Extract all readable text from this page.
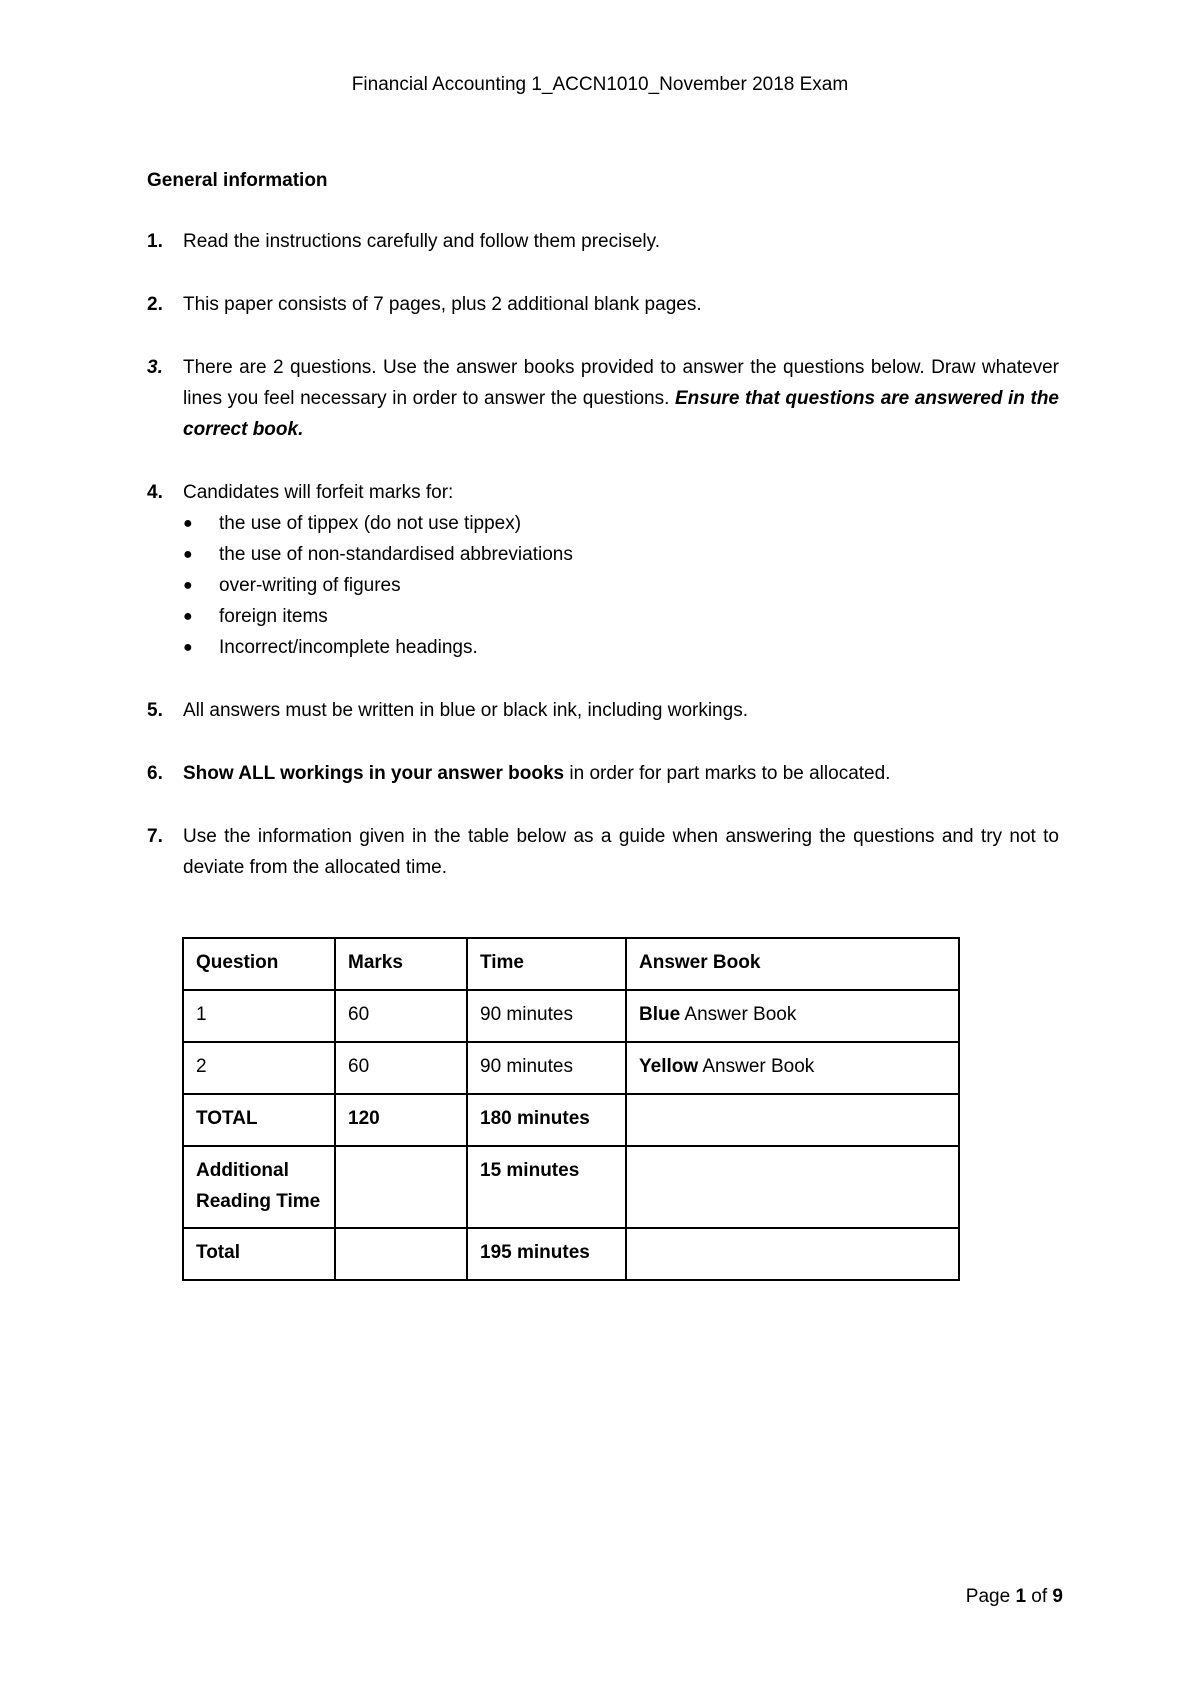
Financial Accounting 1_ACCN1010_November 2018 Exam
General information
1.	Read the instructions carefully and follow them precisely.
2.	This paper consists of 7 pages, plus 2 additional blank pages.
3.	There are 2 questions. Use the answer books provided to answer the questions below. Draw whatever lines you feel necessary in order to answer the questions. Ensure that questions are answered in the correct book.
4.	Candidates will forfeit marks for:
●	the use of tippex (do not use tippex)
●	the use of non-standardised abbreviations
●	over-writing of figures
●	foreign items
●	Incorrect/incomplete headings.
5.	All answers must be written in blue or black ink, including workings.
6.	Show ALL workings in your answer books in order for part marks to be allocated.
7.	Use the information given in the table below as a guide when answering the questions and try not to deviate from the allocated time.
Question	Marks	Time	Answer Book
1	60	90 minutes	Blue Answer Book
2	60	90 minutes	Yellow Answer Book
TOTAL	120	180 minutes	
Additional Reading Time		15 minutes	
Total		195 minutes	
Page 1 of 9
